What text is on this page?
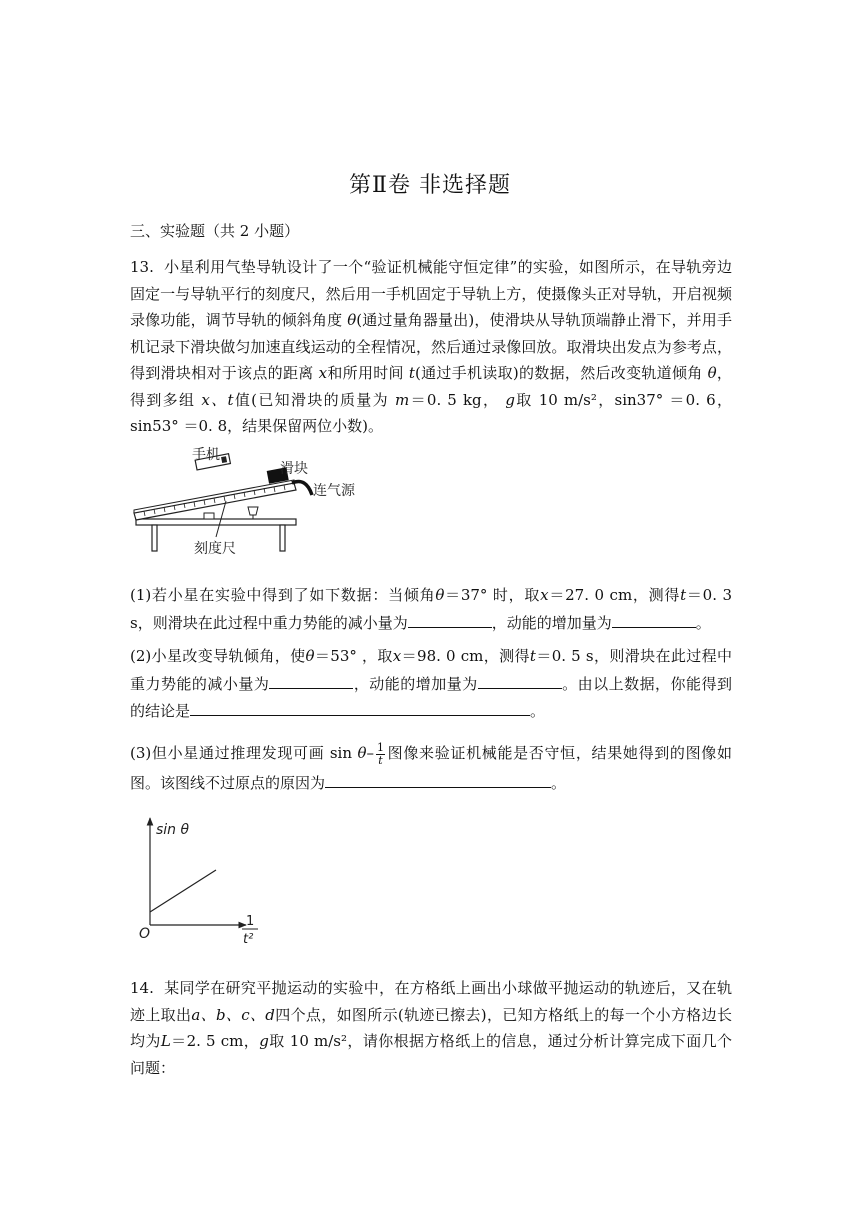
第Ⅱ卷 非选择题
三、实验题（共 2 小题）
13. 小星利用气垫导轨设计了一个“验证机械能守恒定律”的实验，如图所示，在导轨旁边固定一与导轨平行的刻度尺，然后用一手机固定于导轨上方，使摄像头正对导轨，开启视频录像功能，调节导轨的倾斜角度 θ(通过量角器量出)，使滑块从导轨顶端静止滑下，并用手机记录下滑块做匀加速直线运动的全程情况，然后通过录像回放。取滑块出发点为参考点，得到滑块相对于该点的距离 x和所用时间 t(通过手机读取)的数据，然后改变轨道倾角 θ，得到多组 x、t值(已知滑块的质量为 m＝0. 5 kg， g取 10 m/s²，sin37° ＝0. 6，sin53° ＝0. 8，结果保留两位小数)。
手机
滑块
连气源
刻度尺
(1)若小星在实验中得到了如下数据：当倾角θ＝37° 时，取x＝27. 0 cm，测得t＝0. 3 s，则滑块在此过程中重力势能的减小量为	，动能的增加量为	。
(2)小星改变导轨倾角，使θ＝53° ，取x＝98. 0 cm，测得t＝0. 5 s，则滑块在此过程中重力势能的减小量为	，动能的增加量为	。由以上数据，你能得到的结论是	。
(3)但小星通过推理发现可画 $\sin \theta- \frac{1}{t}$ 图像来验证机械能是否守恒，结果她得到的图像如图。该图线不过原点的原因为	。
sin θ
O
1
t²
14. 某同学在研究平抛运动的实验中，在方格纸上画出小球做平抛运动的轨迹后，又在轨迹上取出a、b、c、d四个点，如图所示(轨迹已擦去)，已知方格纸上的每一个小方格边长均为L＝2. 5 cm，g取 10 m/s²，请你根据方格纸上的信息，通过分析计算完成下面几个问题：
